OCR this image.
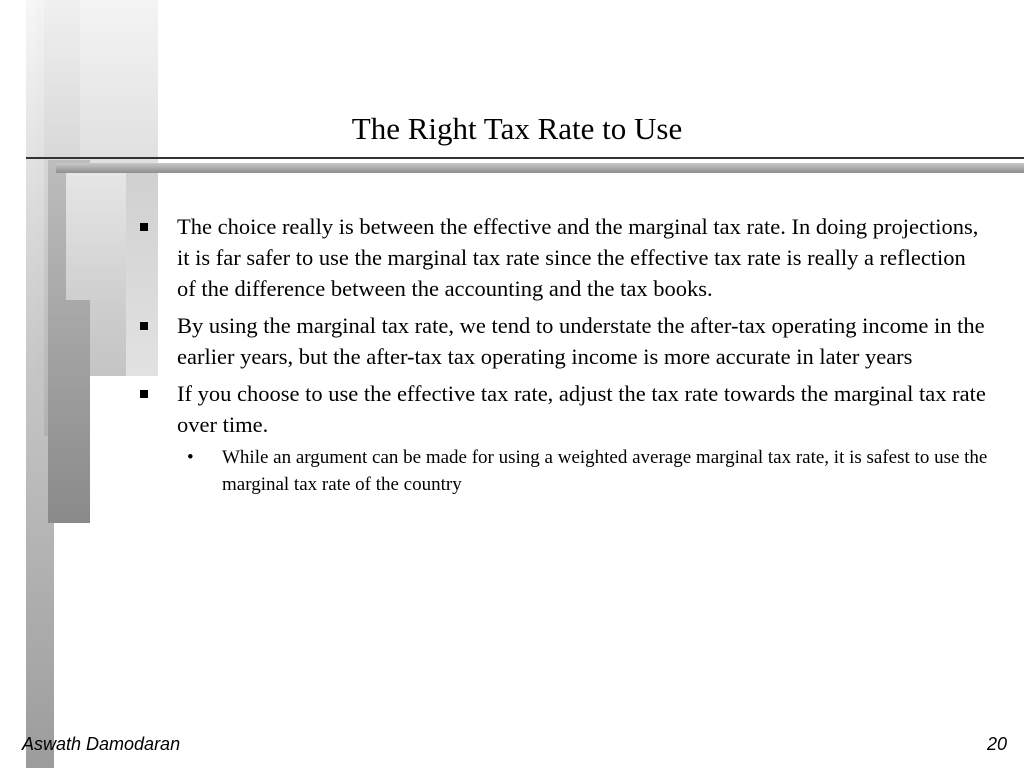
The Right Tax Rate to Use
The choice really is between the effective and the marginal tax rate. In doing projections, it is far safer to use the marginal tax rate since the effective tax rate is really a reflection of the difference between the accounting and the tax books.
By using the marginal tax rate, we tend to understate the after-tax operating income in the earlier years, but the after-tax tax operating income is more accurate in later years
If you choose to use the effective tax rate, adjust the tax rate towards the marginal tax rate over time.
• While an argument can be made for using a weighted average marginal tax rate, it is safest to use the marginal tax rate of the country
Aswath Damodaran	20
